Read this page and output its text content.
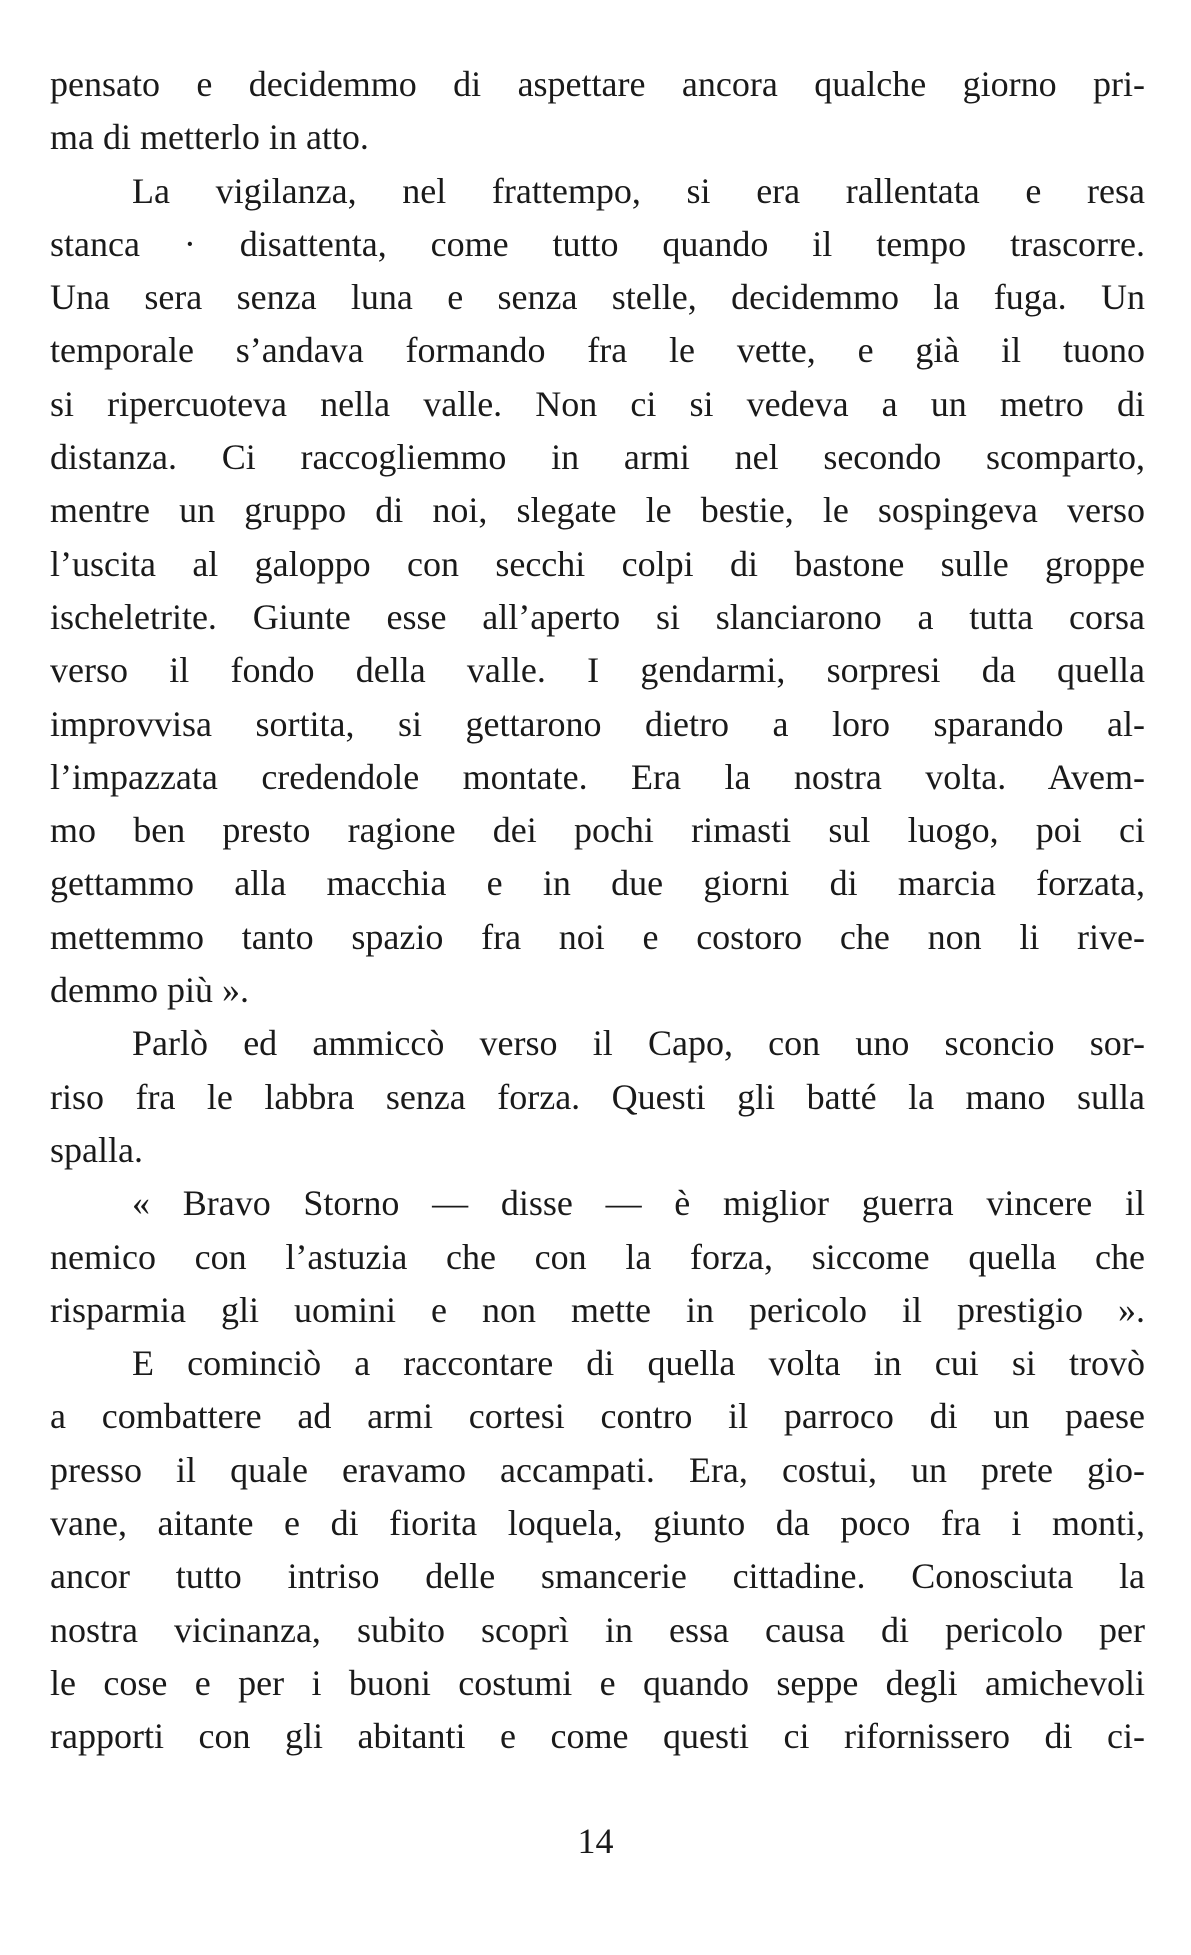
pensato e decidemmo di aspettare ancora qualche giorno pri-
ma di metterlo in atto.
La vigilanza, nel frattempo, si era rallentata e resa
stanca · disattenta, come tutto quando il tempo trascorre.
Una sera senza luna e senza stelle, decidemmo la fuga. Un
temporale s’andava formando fra le vette, e già il tuono
si ripercuoteva nella valle. Non ci si vedeva a un metro di
distanza. Ci raccogliemmo in armi nel secondo scomparto,
mentre un gruppo di noi, slegate le bestie, le sospingeva verso
l’uscita al galoppo con secchi colpi di bastone sulle groppe
ischeletrite. Giunte esse all’aperto si slanciarono a tutta corsa
verso il fondo della valle. I gendarmi, sorpresi da quella
improvvisa sortita, si gettarono dietro a loro sparando al-
l’impazzata credendole montate. Era la nostra volta. Avem-
mo ben presto ragione dei pochi rimasti sul luogo, poi ci
gettammo alla macchia e in due giorni di marcia forzata,
mettemmo tanto spazio fra noi e costoro che non li rive-
demmo più ».
Parlò ed ammiccò verso il Capo, con uno sconcio sor-
riso fra le labbra senza forza. Questi gli batté la mano sulla
spalla.
« Bravo Storno — disse — è miglior guerra vincere il
nemico con l’astuzia che con la forza, siccome quella che
risparmia gli uomini e non mette in pericolo il prestigio ».
E cominciò a raccontare di quella volta in cui si trovò
a combattere ad armi cortesi contro il parroco di un paese
presso il quale eravamo accampati. Era, costui, un prete gio-
vane, aitante e di fiorita loquela, giunto da poco fra i monti,
ancor tutto intriso delle smancerie cittadine. Conosciuta la
nostra vicinanza, subito scoprì in essa causa di pericolo per
le cose e per i buoni costumi e quando seppe degli amichevoli
rapporti con gli abitanti e come questi ci rifornissero di ci-
14
